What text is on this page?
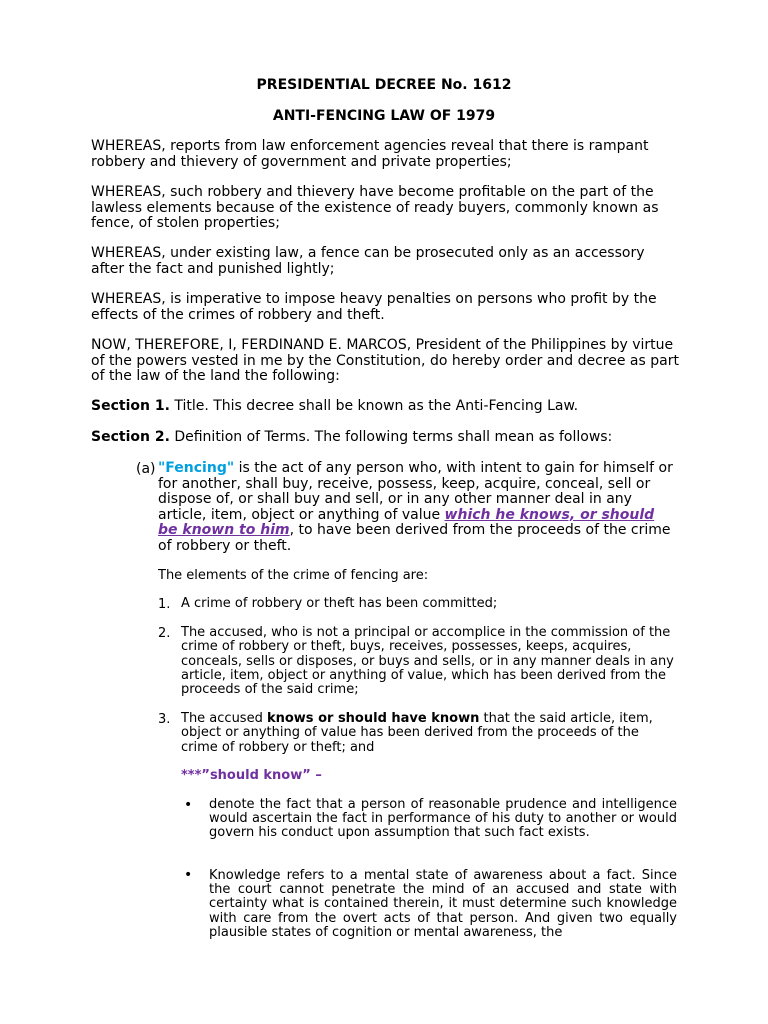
PRESIDENTIAL DECREE No. 1612
ANTI-FENCING LAW OF 1979
WHEREAS, reports from law enforcement agencies reveal that there is rampant robbery and thievery of government and private properties;
WHEREAS, such robbery and thievery have become profitable on the part of the lawless elements because of the existence of ready buyers, commonly known as fence, of stolen properties;
WHEREAS, under existing law, a fence can be prosecuted only as an accessory after the fact and punished lightly;
WHEREAS, is imperative to impose heavy penalties on persons who profit by the effects of the crimes of robbery and theft.
NOW, THEREFORE, I, FERDINAND E. MARCOS, President of the Philippines by virtue of the powers vested in me by the Constitution, do hereby order and decree as part of the law of the land the following:
Section 1. Title. This decree shall be known as the Anti-Fencing Law.
Section 2. Definition of Terms. The following terms shall mean as follows:
(a) "Fencing" is the act of any person who, with intent to gain for himself or for another, shall buy, receive, possess, keep, acquire, conceal, sell or dispose of, or shall buy and sell, or in any other manner deal in any article, item, object or anything of value which he knows, or should be known to him, to have been derived from the proceeds of the crime of robbery or theft.
The elements of the crime of fencing are:
1. A crime of robbery or theft has been committed;
2. The accused, who is not a principal or accomplice in the commission of the crime of robbery or theft, buys, receives, possesses, keeps, acquires, conceals, sells or disposes, or buys and sells, or in any manner deals in any article, item, object or anything of value, which has been derived from the proceeds of the said crime;
3. The accused knows or should have known that the said article, item, object or anything of value has been derived from the proceeds of the crime of robbery or theft; and
***”should know” –
• denote the fact that a person of reasonable prudence and intelligence would ascertain the fact in performance of his duty to another or would govern his conduct upon assumption that such fact exists.
• Knowledge refers to a mental state of awareness about a fact. Since the court cannot penetrate the mind of an accused and state with certainty what is contained therein, it must determine such knowledge with care from the overt acts of that person. And given two equally plausible states of cognition or mental awareness, the
